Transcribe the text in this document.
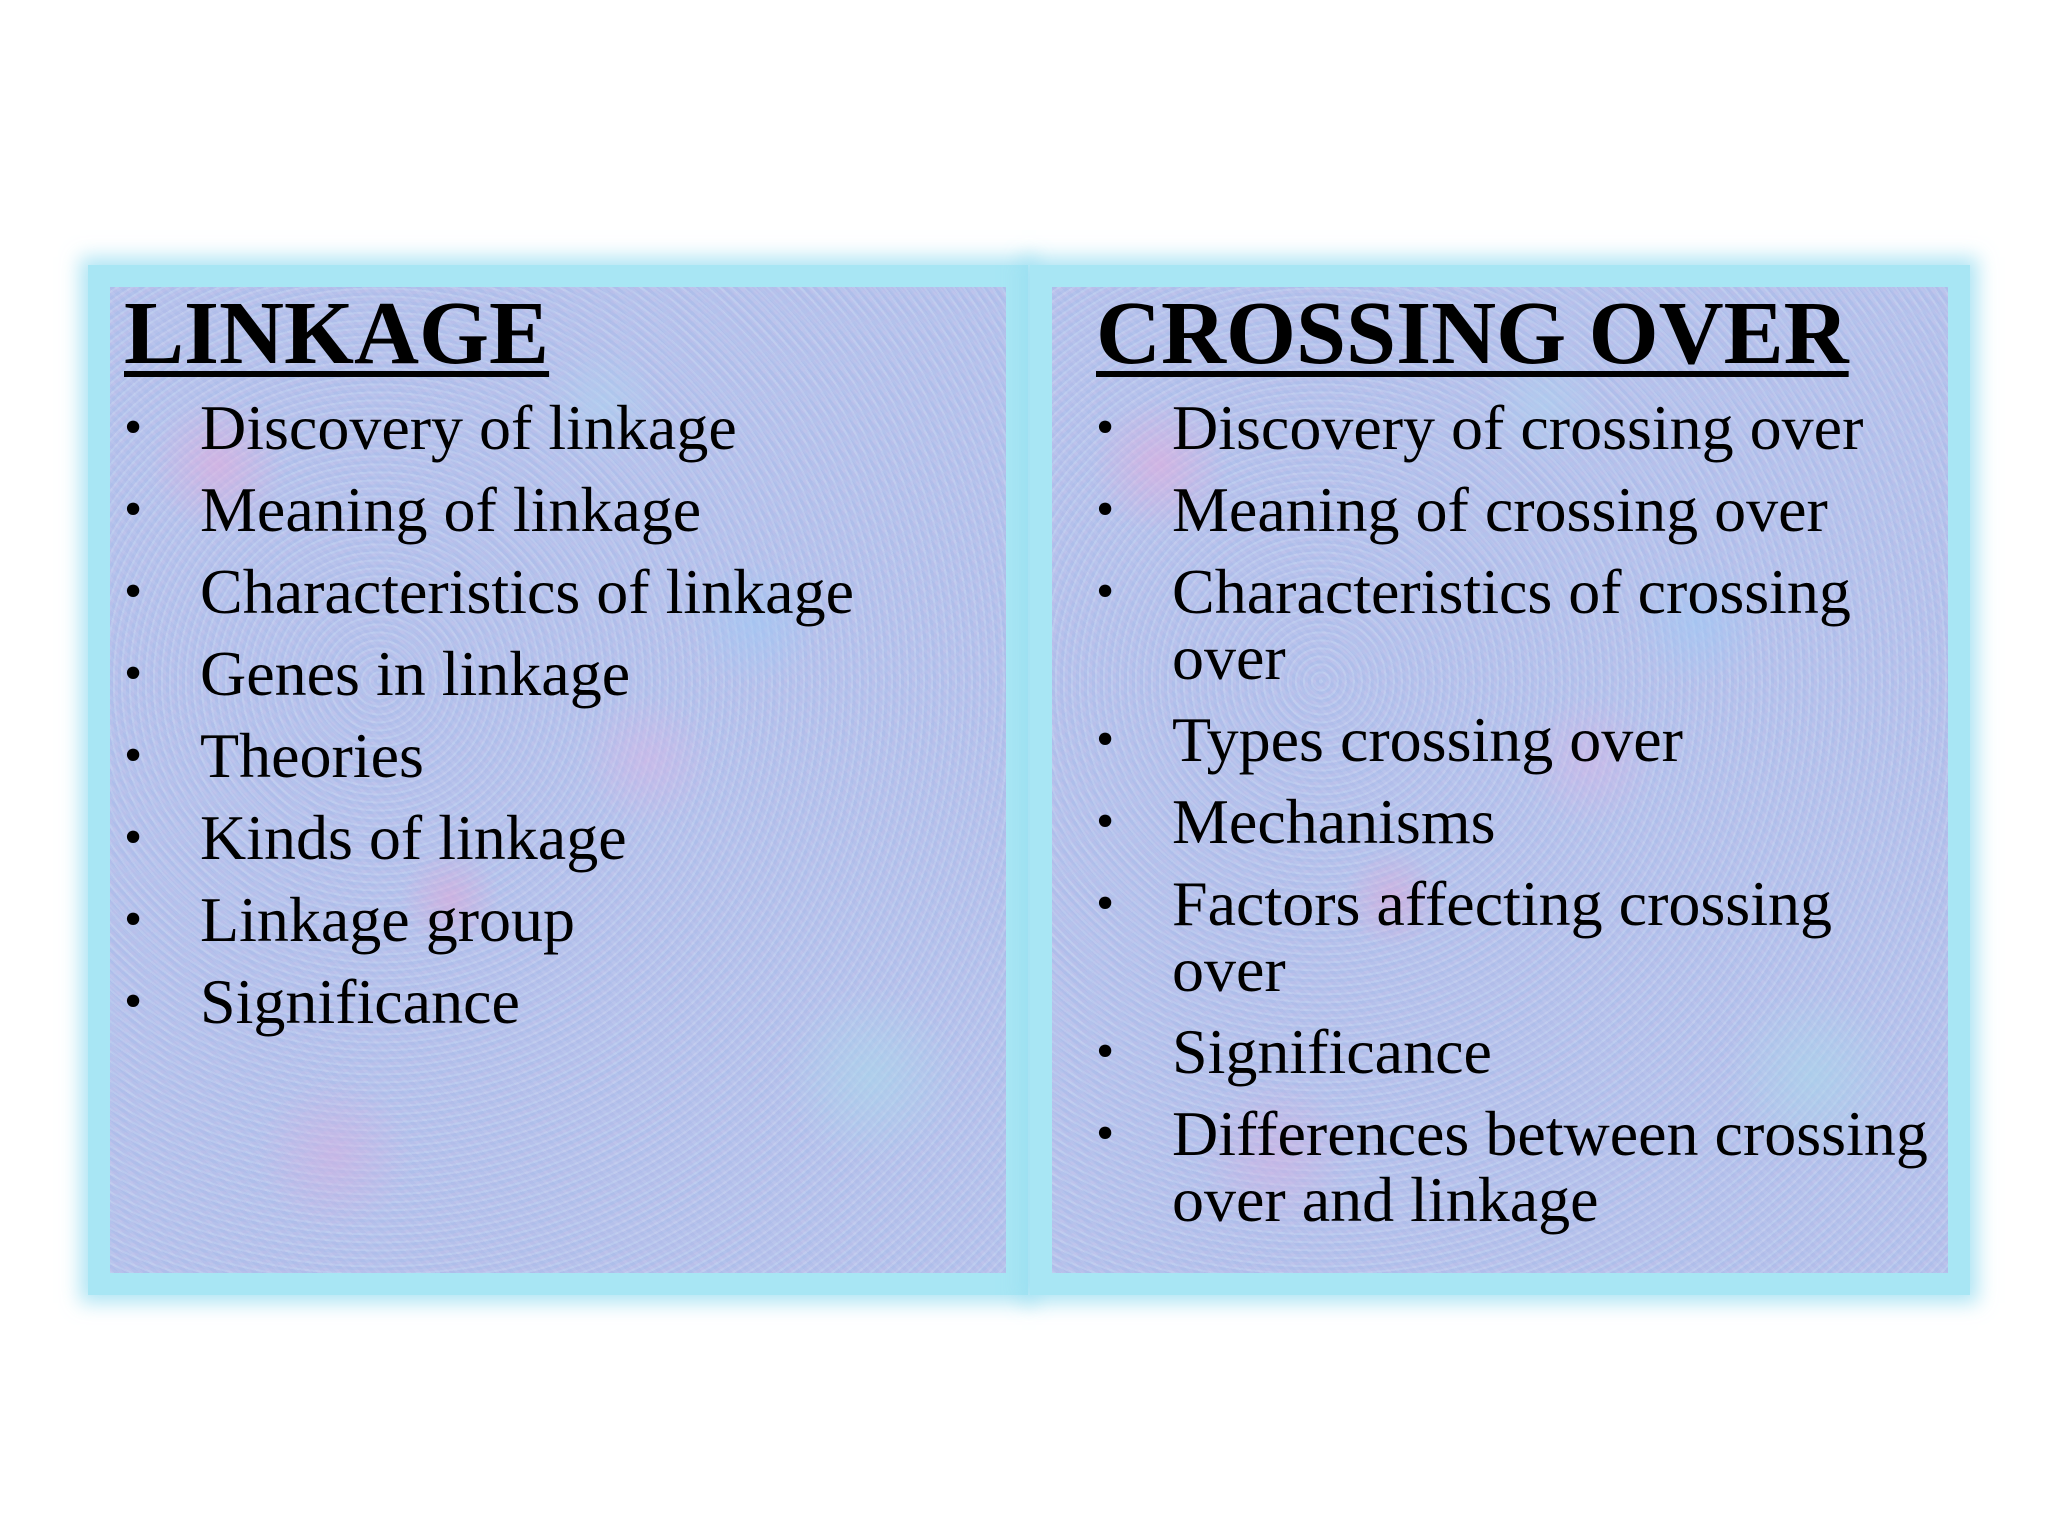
LINKAGE
• Discovery of linkage
• Meaning of linkage
• Characteristics of linkage
• Genes in linkage
• Theories
• Kinds of linkage
• Linkage group
• Significance
CROSSING OVER
• Discovery of crossing over
• Meaning of crossing over
• Characteristics of crossing over
• Types crossing over
• Mechanisms
• Factors affecting crossing over
• Significance
• Differences between crossing over and linkage
